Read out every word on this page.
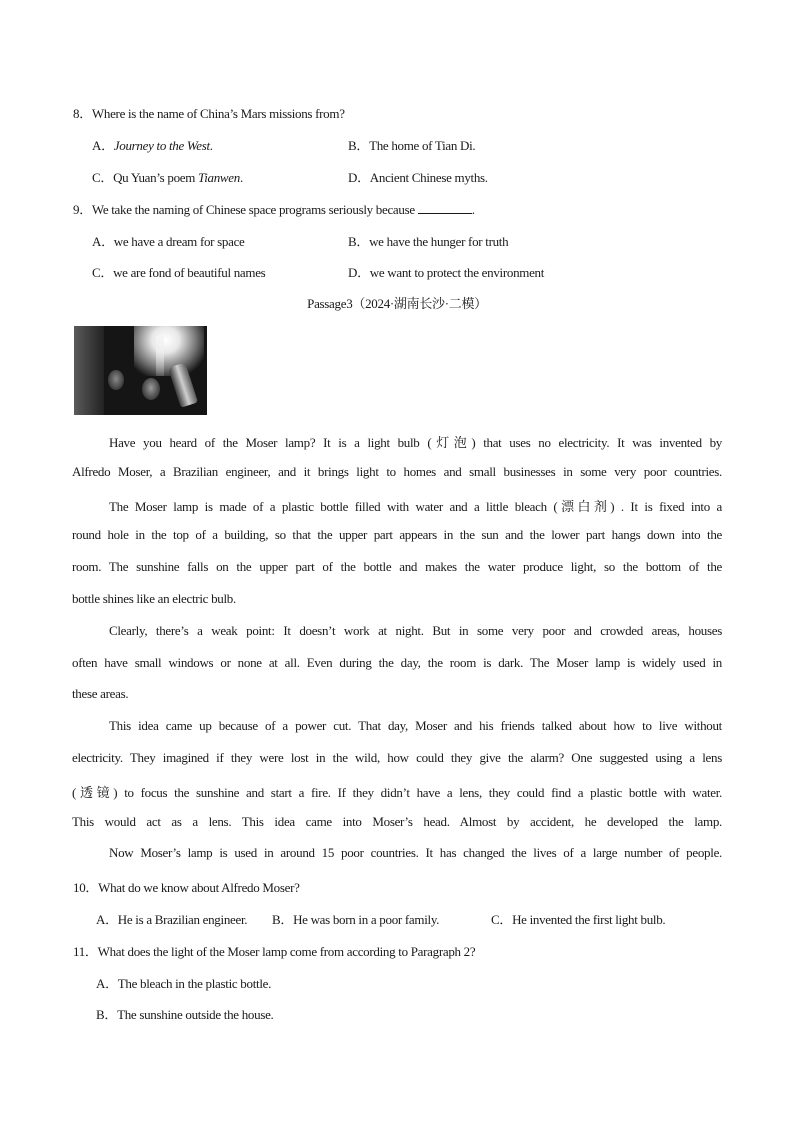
8．Where is the name of China’s Mars missions from?
A．Journey to the West.	B．The home of Tian Di.
C．Qu Yuan’s poem Tianwen.	D．Ancient Chinese myths.
9．We take the naming of Chinese space programs seriously because	.
A．we have a dream for space	B．we have the hunger for truth
C．we are fond of beautiful names	D．we want to protect the environment
Passage3（2024·湖南长沙·二模）
Have you heard of the Moser lamp? It is a light bulb (灯泡) that uses no electricity. It was invented by
Alfredo Moser, a Brazilian engineer, and it brings light to homes and small businesses in some very poor countries.
The Moser lamp is made of a plastic bottle filled with water and a little bleach (漂白剂) . It is fixed into a
round hole in the top of a building, so that the upper part appears in the sun and the lower part hangs down into the
room. The sunshine falls on the upper part of the bottle and makes the water produce light, so the bottom of the
bottle shines like an electric bulb.
Clearly, there’s a weak point: It doesn’t work at night. But in some very poor and crowded areas, houses
often have small windows or none at all. Even during the day, the room is dark. The Moser lamp is widely used in
these areas.
This idea came up because of a power cut. That day, Moser and his friends talked about how to live without
electricity. They imagined if they were lost in the wild, how could they give the alarm? One suggested using a lens
(透镜) to focus the sunshine and start a fire. If they didn’t have a lens, they could find a plastic bottle with water.
This would act as a lens. This idea came into Moser’s head. Almost by accident, he developed the lamp.
Now Moser’s lamp is used in around 15 poor countries. It has changed the lives of a large number of people.
10．What do we know about Alfredo Moser?
A．He is a Brazilian engineer. B．He was born in a poor family.	C．He invented the first light bulb.
11．What does the light of the Moser lamp come from according to Paragraph 2?
A．The bleach in the plastic bottle.
B．The sunshine outside the house.
